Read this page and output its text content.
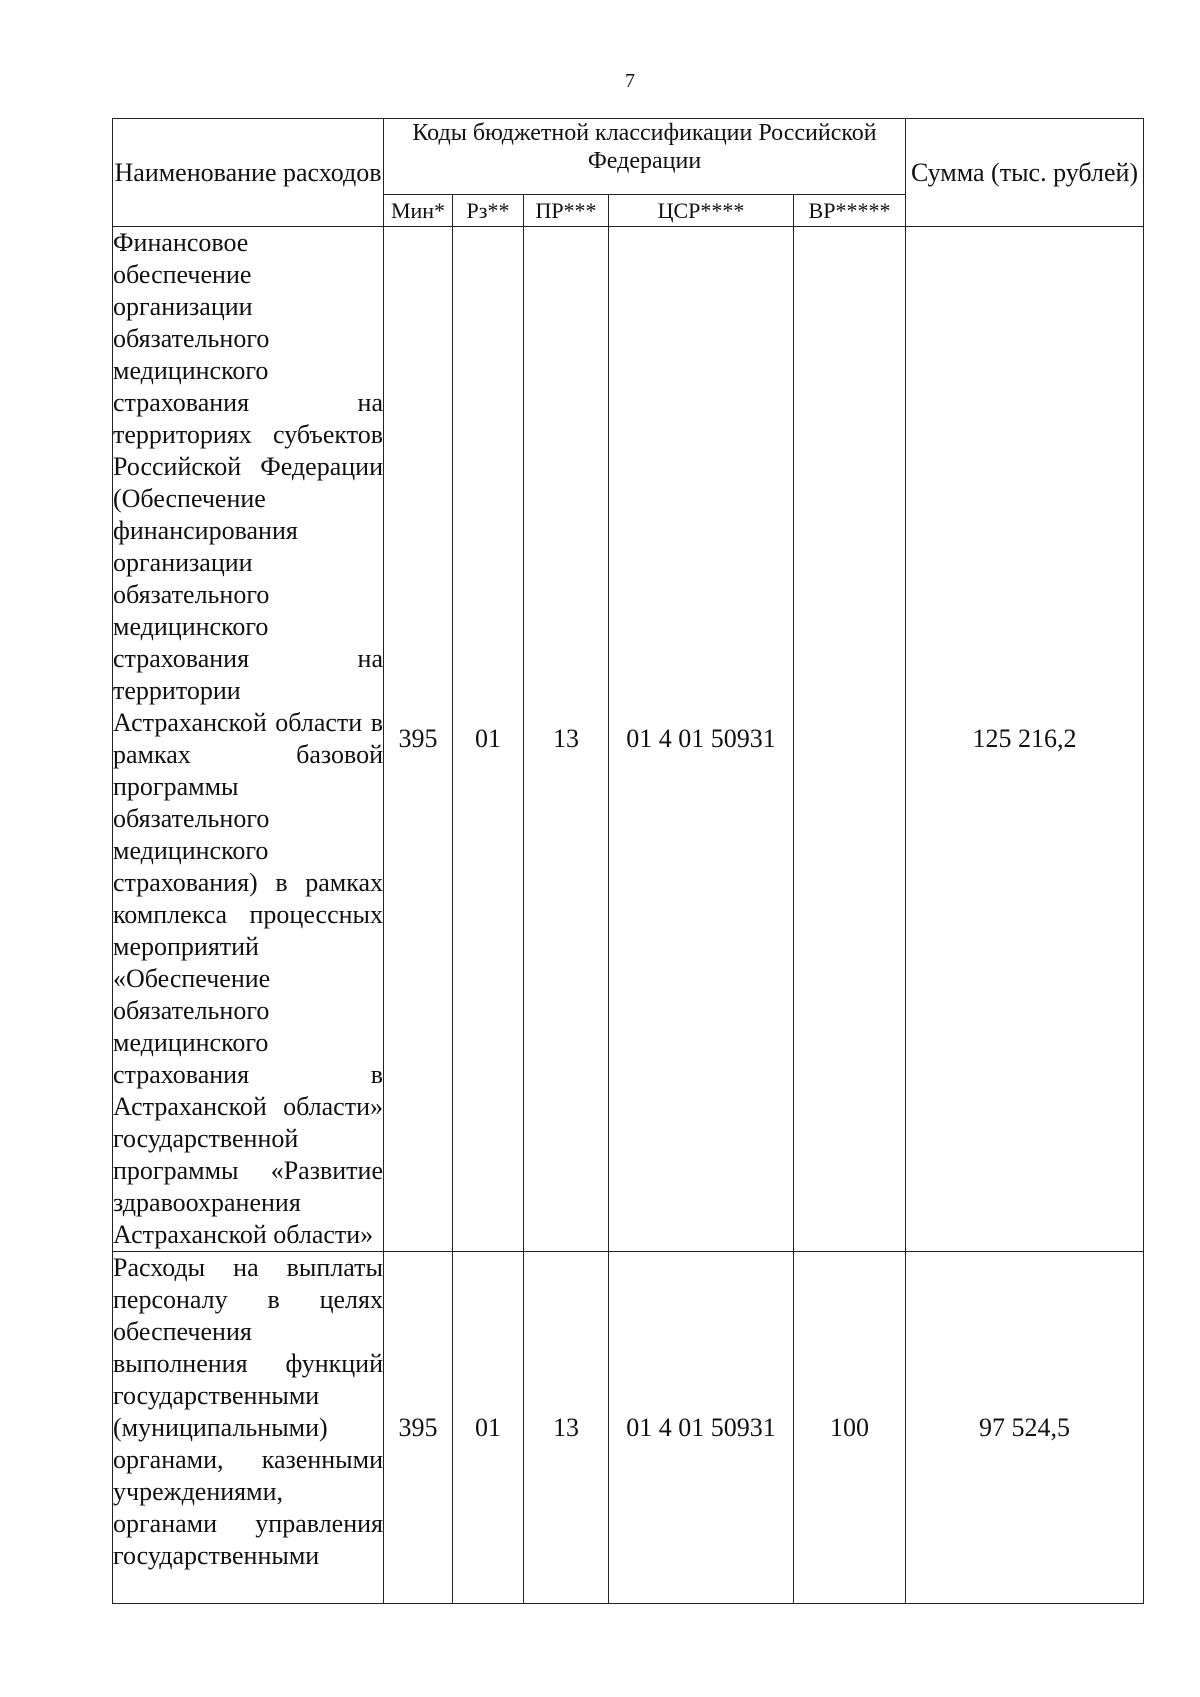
7
Наименование расходов	Коды бюджетной классификации Российской Федерации					Сумма (тыс. рублей)
	Мин*	Рз**	ПР***	ЦСР****	ВР*****	
Финансовое обеспечение организации обязательного медицинского страхования на территориях субъектов Российской Федерации (Обеспечение финансирования организации обязательного медицинского страхования на территории Астраханской области в рамках базовой программы обязательного медицинского страхования) в рамках комплекса процессных мероприятий «Обеспечение обязательного медицинского страхования в Астраханской области» государственной программы «Развитие здравоохранения Астраханской области»	395	01	13	01 4 01 50931		125 216,2
Расходы на выплаты персоналу в целях обеспечения выполнения функций государственными (муниципальными) органами, казенными учреждениями, органами управления государственными	395	01	13	01 4 01 50931	100	97 524,5
